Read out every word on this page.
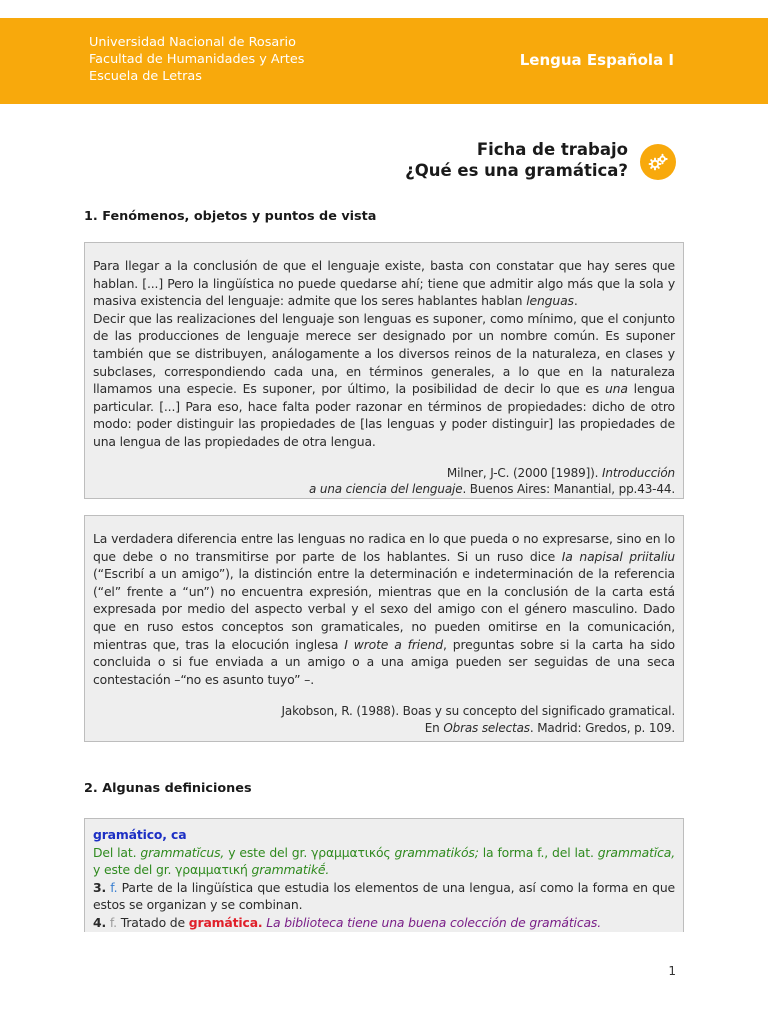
Universidad Nacional de Rosario
Facultad de Humanidades y Artes
Escuela de Letras
Lengua Española I
Ficha de trabajo
¿Qué es una gramática?
1. Fenómenos, objetos y puntos de vista

Para llegar a la conclusión de que el lenguaje existe, basta con constatar que hay seres que hablan. [...] Pero la lingüística no puede quedarse ahí; tiene que admitir algo más que la sola y masiva existencia del lenguaje: admite que los seres hablantes hablan lenguas.
Decir que las realizaciones del lenguaje son lenguas es suponer, como mínimo, que el conjunto de las producciones de lenguaje merece ser designado por un nombre común. Es suponer también que se distribuyen, análogamente a los diversos reinos de la naturaleza, en clases y subclases, correspondiendo cada una, en términos generales, a lo que en la naturaleza llamamos una especie. Es suponer, por último, la posibilidad de decir lo que es una lengua particular. [...] Para eso, hace falta poder razonar en términos de propiedades: dicho de otro modo: poder distinguir las propiedades de [las lenguas y poder distinguir] las propiedades de una lengua de las propiedades de otra lengua.

Milner, J-C. (2000 [1989]). Introducción
a una ciencia del lenguaje. Buenos Aires: Manantial, pp.43-44.

La verdadera diferencia entre las lenguas no radica en lo que pueda o no expresarse, sino en lo que debe o no transmitirse por parte de los hablantes. Si un ruso dice Ia napisal priitaliu (“Escribí a un amigo”), la distinción entre la determinación e indeterminación de la referencia (“el” frente a “un”) no encuentra expresión, mientras que en la conclusión de la carta está expresada por medio del aspecto verbal y el sexo del amigo con el género masculino. Dado que en ruso estos conceptos son gramaticales, no pueden omitirse en la comunicación, mientras que, tras la elocución inglesa I wrote a friend, preguntas sobre si la carta ha sido concluida o si fue enviada a un amigo o a una amiga pueden ser seguidas de una seca contestación –“no es asunto tuyo” –.

Jakobson, R. (1988). Boas y su concepto del significado gramatical.
En Obras selectas. Madrid: Gredos, p. 109.

2. Algunas definiciones

gramático, ca
Del lat. grammatĭcus, y este del gr. γραμματικός grammatikós; la forma f., del lat. grammatĭca, y este del gr. γραμματική grammatikḗ.
3. f. Parte de la lingüística que estudia los elementos de una lengua, así como la forma en que estos se organizan y se combinan.
4. f. Tratado de gramática. La biblioteca tiene una buena colección de gramáticas.

1
